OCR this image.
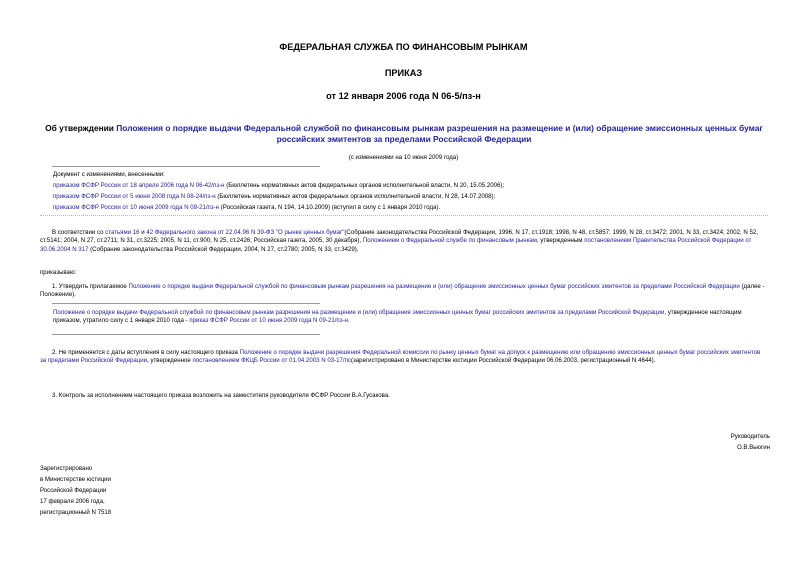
ФЕДЕРАЛЬНАЯ СЛУЖБА ПО ФИНАНСОВЫМ РЫНКАМ
ПРИКАЗ
от 12 января 2006 года N 06-5/пз-н
Об утверждении Положения о порядке выдачи Федеральной службой по финансовым рынкам разрешения на размещение и (или) обращение эмиссионных ценных бумаг российских эмитентов за пределами Российской Федерации
(с изменениями на 10 июня 2009 года)
Документ с изменениями, внесенными:
приказом ФСФР России от 18 апреля 2006 года N 06-42/пз-н (Бюллетень нормативных актов федеральных органов исполнительной власти, N 20, 15.05.2006);
приказом ФСФР России от 5 июня 2008 года N 08-24/пз-н (Бюллетень нормативных актов федеральных органов исполнительной власти, N 28, 14.07.2008);
приказом ФСФР России от 10 июня 2009 года N 09-21/пз-н (Российская газета, N 194, 14.10.2009) (вступил в силу с 1 января 2010 года).
В соответствии со статьями 16 и 42 Федерального закона от 22.04.96 N 39-ФЗ "О рынке ценных бумаг"(Собрание законодательства Российской Федерации, 1996, N 17, ст.1918; 1998, N 48, ст.5857; 1999, N 28, ст.3472; 2001, N 33, ст.3424; 2002, N 52, ст.5141; 2004, N 27, ст.2711; N 31, ст.3225; 2005, N 11, ст.900; N 25, ст.2426; Российская газета, 2005, 30 декабря), Положением о Федеральной службе по финансовым рынкам, утвержденным постановлением Правительства Российской Федерации от 30.06.2004 N 317 (Собрание законодательства Российской Федерации, 2004, N 27, ст.2780; 2005, N 33, ст.3429),
приказываю:
1. Утвердить прилагаемое Положение о порядке выдачи Федеральной службой по финансовым рынкам разрешения на размещение и (или) обращение эмиссионных ценных бумаг российских эмитентов за пределами Российской Федерации (далее - Положение).
Положение о порядке выдачи Федеральной службой по финансовым рынкам разрешения на размещение и (или) обращение эмиссионных ценных бумаг российских эмитентов за пределами Российской Федерации, утвержденное настоящим приказом, утратило силу с 1 января 2010 года - приказ ФСФР России от 10 июня 2009 года N 09-21/пз-н.
2. Не применяется с даты вступления в силу настоящего приказа Положение о порядке выдачи разрешения Федеральной комиссии по рынку ценных бумаг на допуск к размещению или обращению эмиссионных ценных бумаг российских эмитентов за пределами Российской Федерации, утвержденное постановлением ФКЦБ России от 01.04.2003 N 03-17/пс(зарегистрировано в Министерстве юстиции Российской Федерации 06.06.2003, регистрационный N 4644).
3. Контроль за исполнением настоящего приказа возложить на заместителя руководителя ФСФР России В.А.Гусакова.
Руководитель
О.В.Вьюгин
Зарегистрировано
в Министерстве юстиции
Российской Федерации
17 февраля 2006 года,
регистрационный N 7518
